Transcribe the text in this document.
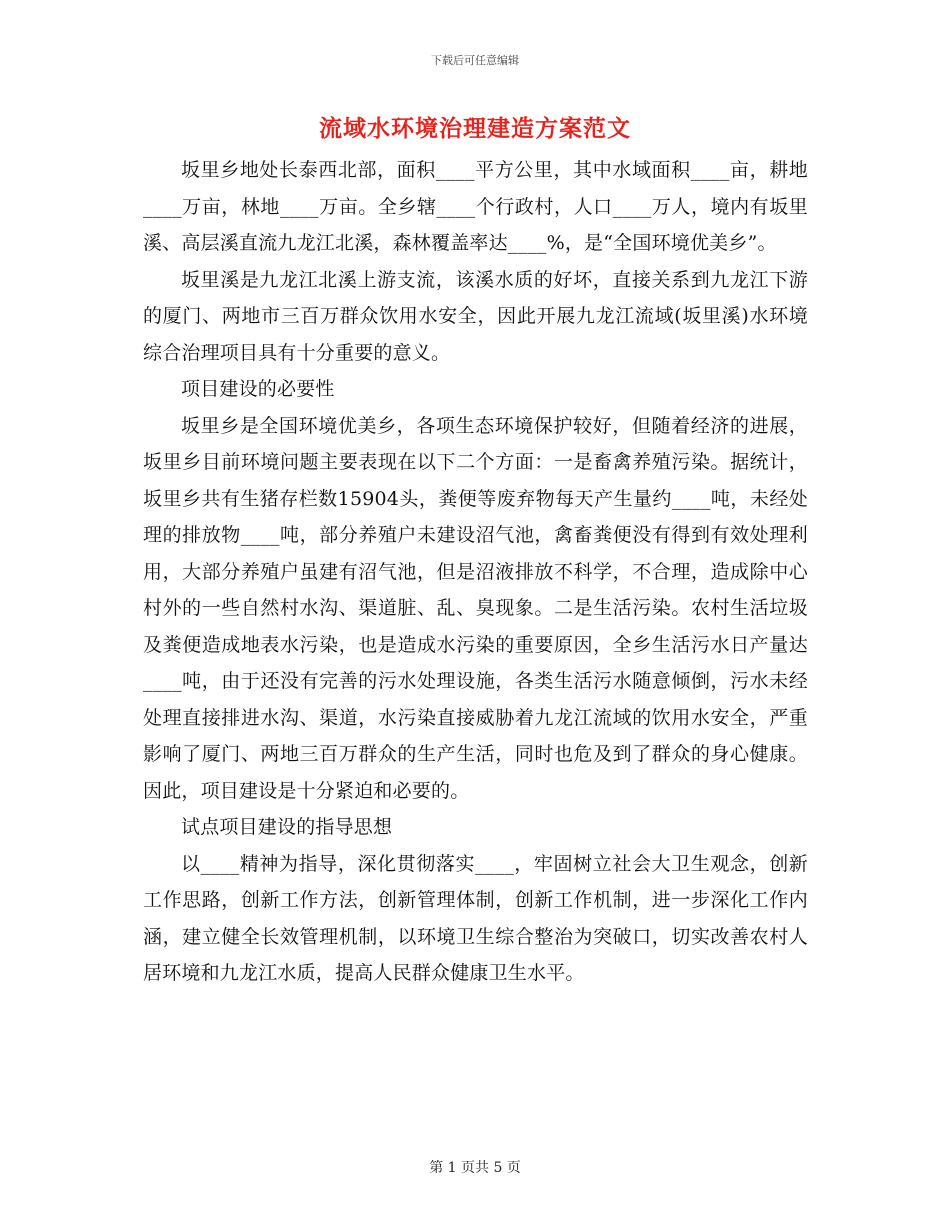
下载后可任意编辑
流域水环境治理建造方案范文

坂里乡地处长泰西北部，面积____平方公里，其中水域面积____亩，耕地____万亩，林地____万亩。全乡辖____个行政村，人口____万人，境内有坂里溪、高层溪直流九龙江北溪，森林覆盖率达____%，是“全国环境优美乡”。

坂里溪是九龙江北溪上游支流，该溪水质的好坏，直接关系到九龙江下游的厦门、两地市三百万群众饮用水安全，因此开展九龙江流域(坂里溪)水环境综合治理项目具有十分重要的意义。

项目建设的必要性

坂里乡是全国环境优美乡，各项生态环境保护较好，但随着经济的进展，坂里乡目前环境问题主要表现在以下二个方面：一是畜禽养殖污染。据统计，坂里乡共有生猪存栏数15904头，粪便等废弃物每天产生量约____吨，未经处理的排放物____吨，部分养殖户未建设沼气池，禽畜粪便没有得到有效处理利用，大部分养殖户虽建有沼气池，但是沼液排放不科学，不合理，造成除中心村外的一些自然村水沟、渠道脏、乱、臭现象。二是生活污染。农村生活垃圾及粪便造成地表水污染，也是造成水污染的重要原因，全乡生活污水日产量达____吨，由于还没有完善的污水处理设施，各类生活污水随意倾倒，污水未经处理直接排进水沟、渠道，水污染直接威胁着九龙江流域的饮用水安全，严重影响了厦门、两地三百万群众的生产生活，同时也危及到了群众的身心健康。因此，项目建设是十分紧迫和必要的。

试点项目建设的指导思想

以____精神为指导，深化贯彻落实____，牢固树立社会大卫生观念，创新工作思路，创新工作方法，创新管理体制，创新工作机制，进一步深化工作内涵，建立健全长效管理机制，以环境卫生综合整治为突破口，切实改善农村人居环境和九龙江水质，提高人民群众健康卫生水平。

第 1 页共 5 页
